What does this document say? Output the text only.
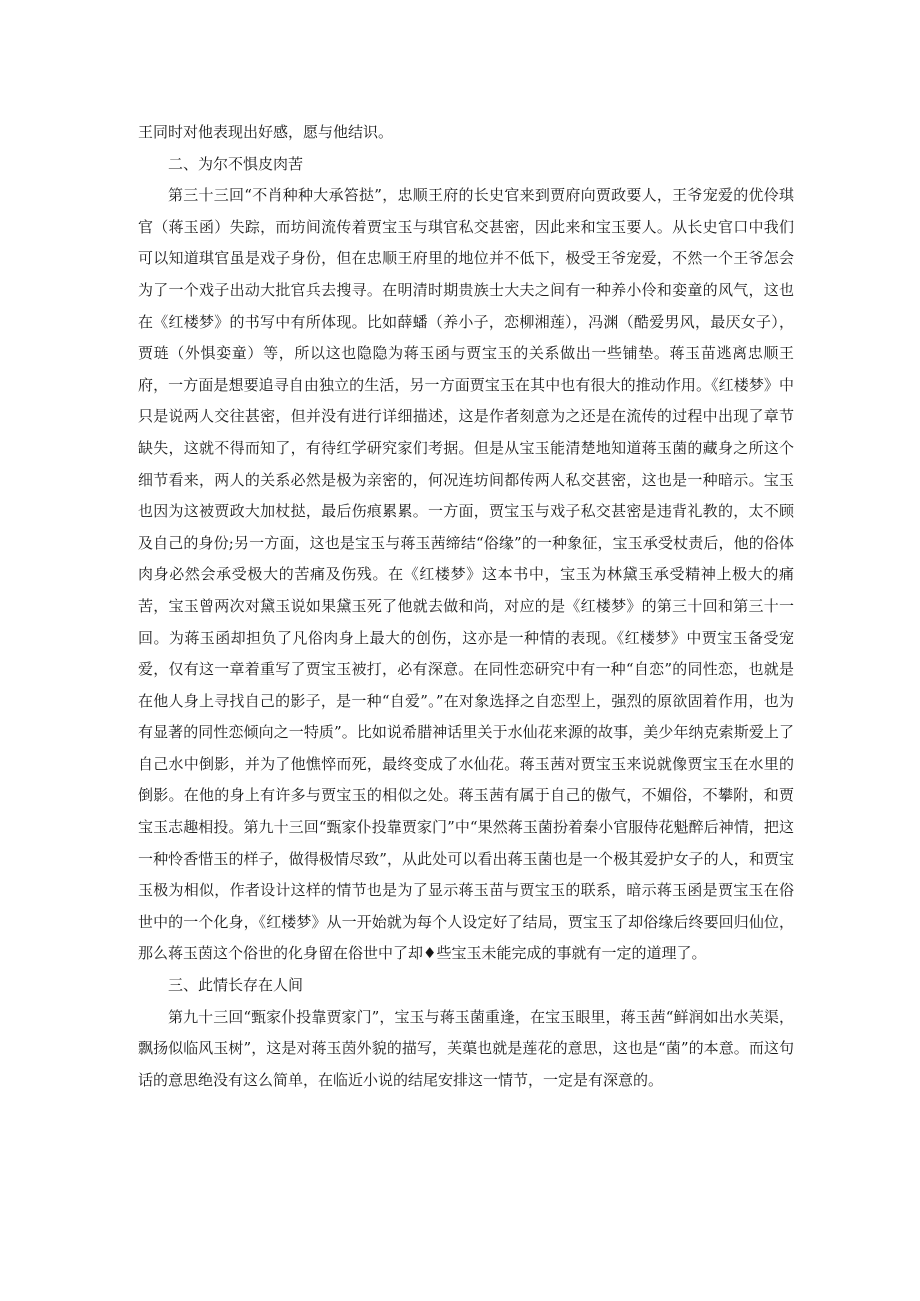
王同时对他表现出好感，愿与他结识。

二、为尔不惧皮肉苦

第三十三回“不肖种种大承笞挞”，忠顺王府的长史官来到贾府向贾政要人，王爷宠爱的优伶琪官（蒋玉函）失踪，而坊间流传着贾宝玉与琪官私交甚密，因此来和宝玉要人。从长史官口中我们可以知道琪官虽是戏子身份，但在忠顺王府里的地位并不低下，极受王爷宠爱，不然一个王爷怎会为了一个戏子出动大批官兵去搜寻。在明清时期贵族士大夫之间有一种养小伶和娈童的风气，这也在《红楼梦》的书写中有所体现。比如薛蟠（养小子，恋柳湘莲），冯渊（酷爱男风，最厌女子），贾琏（外惧娈童）等，所以这也隐隐为蒋玉函与贾宝玉的关系做出一些铺垫。蒋玉苗逃离忠顺王府，一方面是想要追寻自由独立的生活，另一方面贾宝玉在其中也有很大的推动作用。《红楼梦》中只是说两人交往甚密，但并没有进行详细描述，这是作者刻意为之还是在流传的过程中出现了章节缺失，这就不得而知了，有待红学研究家们考据。但是从宝玉能清楚地知道蒋玉菌的藏身之所这个细节看来，两人的关系必然是极为亲密的，何况连坊间都传两人私交甚密，这也是一种暗示。宝玉也因为这被贾政大加杖挞，最后伤痕累累。一方面，贾宝玉与戏子私交甚密是违背礼教的，太不顾及自己的身份;另一方面，这也是宝玉与蒋玉茜缔结“俗缘”的一种象征，宝玉承受杖责后，他的俗体肉身必然会承受极大的苦痛及伤残。在《红楼梦》这本书中，宝玉为林黛玉承受精神上极大的痛苦，宝玉曾两次对黛玉说如果黛玉死了他就去做和尚，对应的是《红楼梦》的第三十回和第三十一回。为蒋玉函却担负了凡俗肉身上最大的创伤，这亦是一种情的表现。《红楼梦》中贾宝玉备受宠爱，仅有这一章着重写了贾宝玉被打，必有深意。在同性恋研究中有一种“自恋”的同性恋，也就是在他人身上寻找自己的影子，是一种“自爱”。”在对象选择之自恋型上，强烈的原欲固着作用，也为有显著的同性恋倾向之一特质”。比如说希腊神话里关于水仙花来源的故事，美少年纳克索斯爱上了自己水中倒影，并为了他憔悴而死，最终变成了水仙花。蒋玉茜对贾宝玉来说就像贾宝玉在水里的倒影。在他的身上有许多与贾宝玉的相似之处。蒋玉茜有属于自己的傲气，不媚俗，不攀附，和贾宝玉志趣相投。第九十三回“甄家仆投靠贾家门”中“果然蒋玉菌扮着秦小官服侍花魁醉后神情，把这一种怜香惜玉的样子，做得极情尽致”，从此处可以看出蒋玉菌也是一个极其爱护女子的人，和贾宝玉极为相似，作者设计这样的情节也是为了显示蒋玉苗与贾宝玉的联系，暗示蒋玉函是贾宝玉在俗世中的一个化身，《红楼梦》从一开始就为每个人设定好了结局，贾宝玉了却俗缘后终要回归仙位，那么蒋玉茵这个俗世的化身留在俗世中了却♦些宝玉未能完成的事就有一定的道理了。

三、此情长存在人间

第九十三回“甄家仆投靠贾家门”，宝玉与蒋玉菌重逢，在宝玉眼里，蒋玉茜“鲜润如出水芙渠，飘扬似临风玉树”，这是对蒋玉茵外貌的描写，芙蕖也就是莲花的意思，这也是“菌”的本意。而这句话的意思绝没有这么简单，在临近小说的结尾安排这一情节，一定是有深意的。
